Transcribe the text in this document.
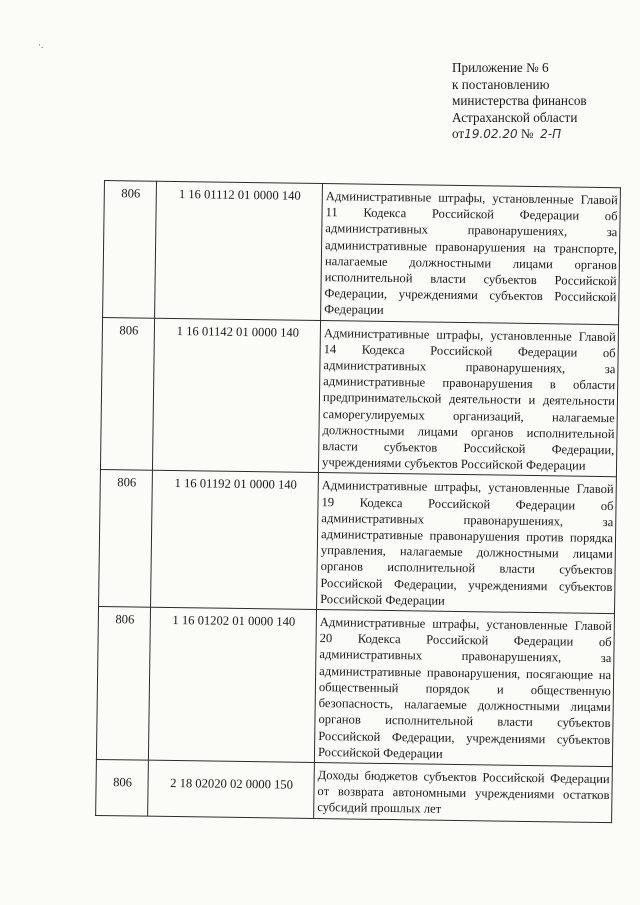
·.
Приложение № 6
к постановлению
министерства финансов
Астраханской области
от19.02.20 № 2-П
806	1 16 01112 01 0000 140	Административные штрафы, установленные Главой 11 Кодекса Российской Федерации об административных правонарушениях, за административные правонарушения на транспорте, налагаемые должностными лицами органов исполнительной власти субъектов Российской Федерации, учреждениями субъектов Российской Федерации
806	1 16 01142 01 0000 140	Административные штрафы, установленные Главой 14 Кодекса Российской Федерации об административных правонарушениях, за административные правонарушения в области предпринимательской деятельности и деятельности саморегулируемых организаций, налагаемые должностными лицами органов исполнительной власти субъектов Российской Федерации, учреждениями субъектов Российской Федерации
806	1 16 01192 01 0000 140	Административные штрафы, установленные Главой 19 Кодекса Российской Федерации об административных правонарушениях, за административные правонарушения против порядка управления, налагаемые должностными лицами органов исполнительной власти субъектов Российской Федерации, учреждениями субъектов Российской Федерации
806	1 16 01202 01 0000 140	Административные штрафы, установленные Главой 20 Кодекса Российской Федерации об административных правонарушениях, за административные правонарушения, посягающие на общественный порядок и общественную безопасность, налагаемые должностными лицами органов исполнительной власти субъектов Российской Федерации, учреждениями субъектов Российской Федерации
806	2 18 02020 02 0000 150	Доходы бюджетов субъектов Российской Федерации от возврата автономными учреждениями остатков субсидий прошлых лет
